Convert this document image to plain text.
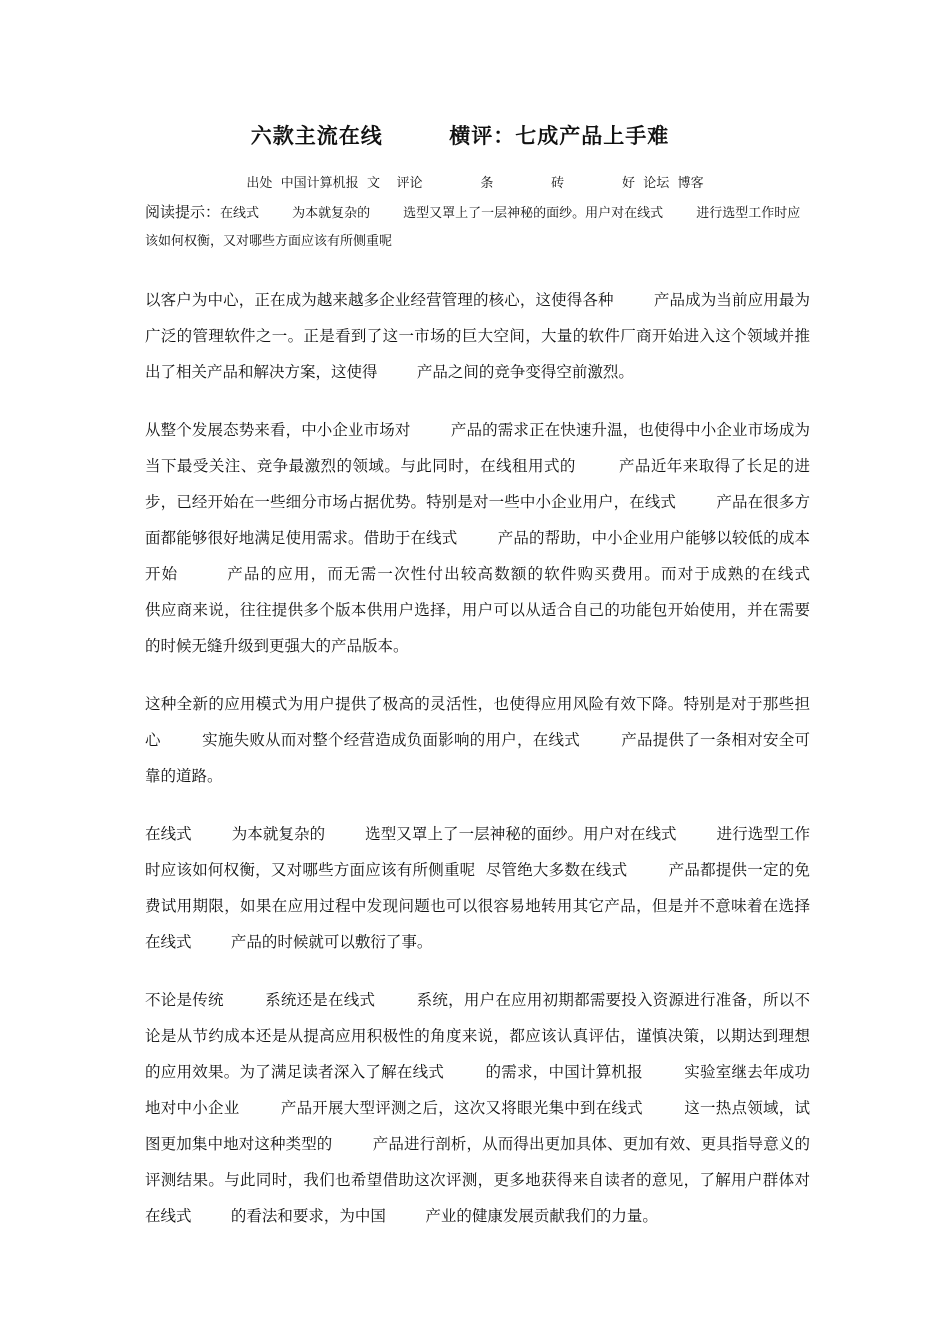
六款主流在线        横评：七成产品上手难
出处  中国计算机报  文    评论              条              砖              好  论坛  博客
阅读提示：在线式        为本就复杂的        选型又罩上了一层神秘的面纱。用户对在线式        进行选型工作时应该如何权衡，又对哪些方面应该有所侧重呢

以客户为中心，正在成为越来越多企业经营管理的核心，这使得各种        产品成为当前应用最为广泛的管理软件之一。正是看到了这一市场的巨大空间，大量的软件厂商开始进入这个领域并推出了相关产品和解决方案，这使得        产品之间的竞争变得空前激烈。

从整个发展态势来看，中小企业市场对        产品的需求正在快速升温，也使得中小企业市场成为当下最受关注、竞争最激烈的领域。与此同时，在线租用式的        产品近年来取得了长足的进步，已经开始在一些细分市场占据优势。特别是对一些中小企业用户，在线式        产品在很多方面都能够很好地满足使用需求。借助于在线式        产品的帮助，中小企业用户能够以较低的成本开始        产品的应用，而无需一次性付出较高数额的软件购买费用。而对于成熟的在线式        供应商来说，往往提供多个版本供用户选择，用户可以从适合自己的功能包开始使用，并在需要的时候无缝升级到更强大的产品版本。

这种全新的应用模式为用户提供了极高的灵活性，也使得应用风险有效下降。特别是对于那些担心        实施失败从而对整个经营造成负面影响的用户，在线式        产品提供了一条相对安全可靠的道路。

在线式        为本就复杂的        选型又罩上了一层神秘的面纱。用户对在线式        进行选型工作时应该如何权衡，又对哪些方面应该有所侧重呢  尽管绝大多数在线式        产品都提供一定的免费试用期限，如果在应用过程中发现问题也可以很容易地转用其它产品，但是并不意味着在选择在线式        产品的时候就可以敷衍了事。

不论是传统        系统还是在线式        系统，用户在应用初期都需要投入资源进行准备，所以不论是从节约成本还是从提高应用积极性的角度来说，都应该认真评估，谨慎决策，以期达到理想的应用效果。为了满足读者深入了解在线式        的需求，中国计算机报        实验室继去年成功地对中小企业        产品开展大型评测之后，这次又将眼光集中到在线式        这一热点领域，试图更加集中地对这种类型的        产品进行剖析，从而得出更加具体、更加有效、更具指导意义的评测结果。与此同时，我们也希望借助这次评测，更多地获得来自读者的意见，了解用户群体对在线式        的看法和要求，为中国        产业的健康发展贡献我们的力量。
